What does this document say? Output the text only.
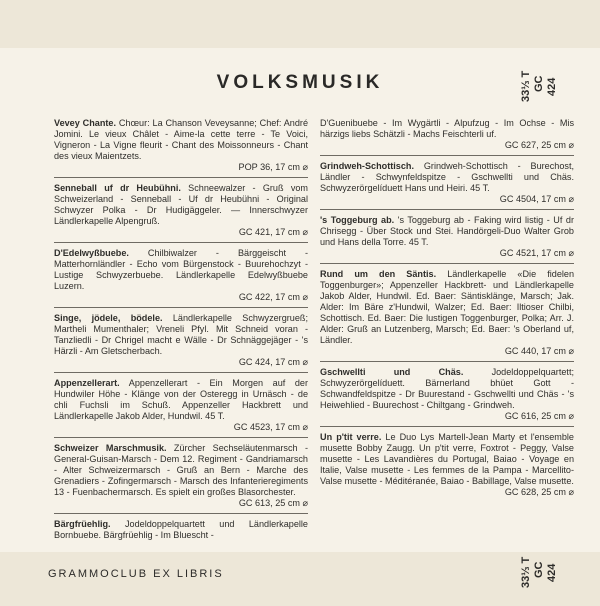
33⅓ T GC 424
VOLKSMUSIK
Vevey Chante. Chœur: La Chanson Veveysanne; Chef: André Jomini. Le vieux Châlet - Aime-la cette terre - Te Voici, Vigneron - La Vigne fleurit - Chant des Moissonneurs - Chant des vieux Maientzets.
POP 36, 17 cm ⌀
Senneball uf dr Heubühni. Schneewalzer - Gruß vom Schweizerland - Senneball - Uf dr Heubühni - Original Schwyzer Polka - Dr Hudigäggeler. — Innerschwyzer Ländlerkapelle Alpengruß.
GC 421, 17 cm ⌀
D'Edelwyßbuebe. Chilbiwalzer - Bärggeischt - Matterhornländler - Echo vom Bürgenstock - Buurehochzyt - Lustige Schwyzerbuebe. Ländlerkapelle Edelwyßbuebe Luzern.
GC 422, 17 cm ⌀
Singe, jödele, bödele. Ländlerkapelle Schwyzergrueß; Martheli Mumenthaler; Vreneli Pfyl. Mit Schneid voran - Tanzliedli - Dr Chrigel macht e Wälle - Dr Schnäggejäger - 's Härzli - Am Gletscherbach.
GC 424, 17 cm ⌀
Appenzellerart. Appenzellerart - Ein Morgen auf der Hundwiler Höhe - Klänge von der Osteregg in Urnäsch - de chli Fuchsli im Schuß. Appenzeller Hackbrett und Ländlerkapelle Jakob Alder, Hundwil. 45 T.
GC 4523, 17 cm ⌀
Schweizer Marschmusik. Zürcher Sechseläutenmarsch - General-Guisan-Marsch - Dem 12. Regiment - Gandriamarsch - Alter Schweizermarsch - Gruß an Bern - Marche des Grenadiers - Zofingermarsch - Marsch des Infanterieregiments 13 - Fuenbachermarsch. Es spielt ein großes Blasorchester.
GC 613, 25 cm ⌀
Bärgfrüehlig. Jodeldoppelquartett und Ländlerkapelle Bornbuebe. Bärgfrüehlig - Im Bluescht -
D'Guenibuebe - Im Wygärtli - Alpufzug - Im Ochse - Mis härzigs liebs Schätzli - Machs Feischterli uf.
GC 627, 25 cm ⌀
Grindweh-Schottisch. Grindweh-Schottisch - Burechost, Ländler - Schwynfeldspitze - Gschwellti und Chäs. Schwyzerörgelíduett Hans und Heiri. 45 T.
GC 4504, 17 cm ⌀
's Toggeburg ab. 's Toggeburg ab - Faking wird listig - Uf dr Chrisegg - Über Stock und Stei. Handörgeli-Duo Walter Grob und Hans della Torre. 45 T.
GC 4521, 17 cm ⌀
Rund um den Säntis. Ländlerkapelle «Die fidelen Toggenburger»; Appenzeller Hackbrett- und Ländlerkapelle Jakob Alder, Hundwil. Ed. Baer: Säntisklänge, Marsch; Jak. Alder: Im Bäre z'Hundwil, Walzer; Ed. Baer: Iltioser Chilbi, Schottisch. Ed. Baer: Die lustigen Toggenburger, Polka; Arr. J. Alder: Gruß an Lutzenberg, Marsch; Ed. Baer: 's Oberland uf, Ländler.
GC 440, 17 cm ⌀
Gschwellti und Chäs. Jodeldoppelquartett; Schwyzerörgelíduett. Bärnerland bhüet Gott - Schwandfeldspitze - Dr Buurestand - Gschwellti und Chäs - 's Heiwehlied - Buurechost - Chiltgang - Grindweh.
GC 616, 25 cm ⌀
Un p'tit verre. Le Duo Lys Martell-Jean Marty et l'ensemble musette Bobby Zaugg. Un p'tit verre, Foxtrot - Peggy, Valse musette - Les Lavandières du Portugal, Baiao - Voyage en Italie, Valse musette - Les femmes de la Pampa - Marcellito- Valse musette - Méditéranée, Baiao - Babillage, Valse musette.
GC 628, 25 cm ⌀
GRAMMOCLUB EX LIBRIS	33⅓ T GC 424
